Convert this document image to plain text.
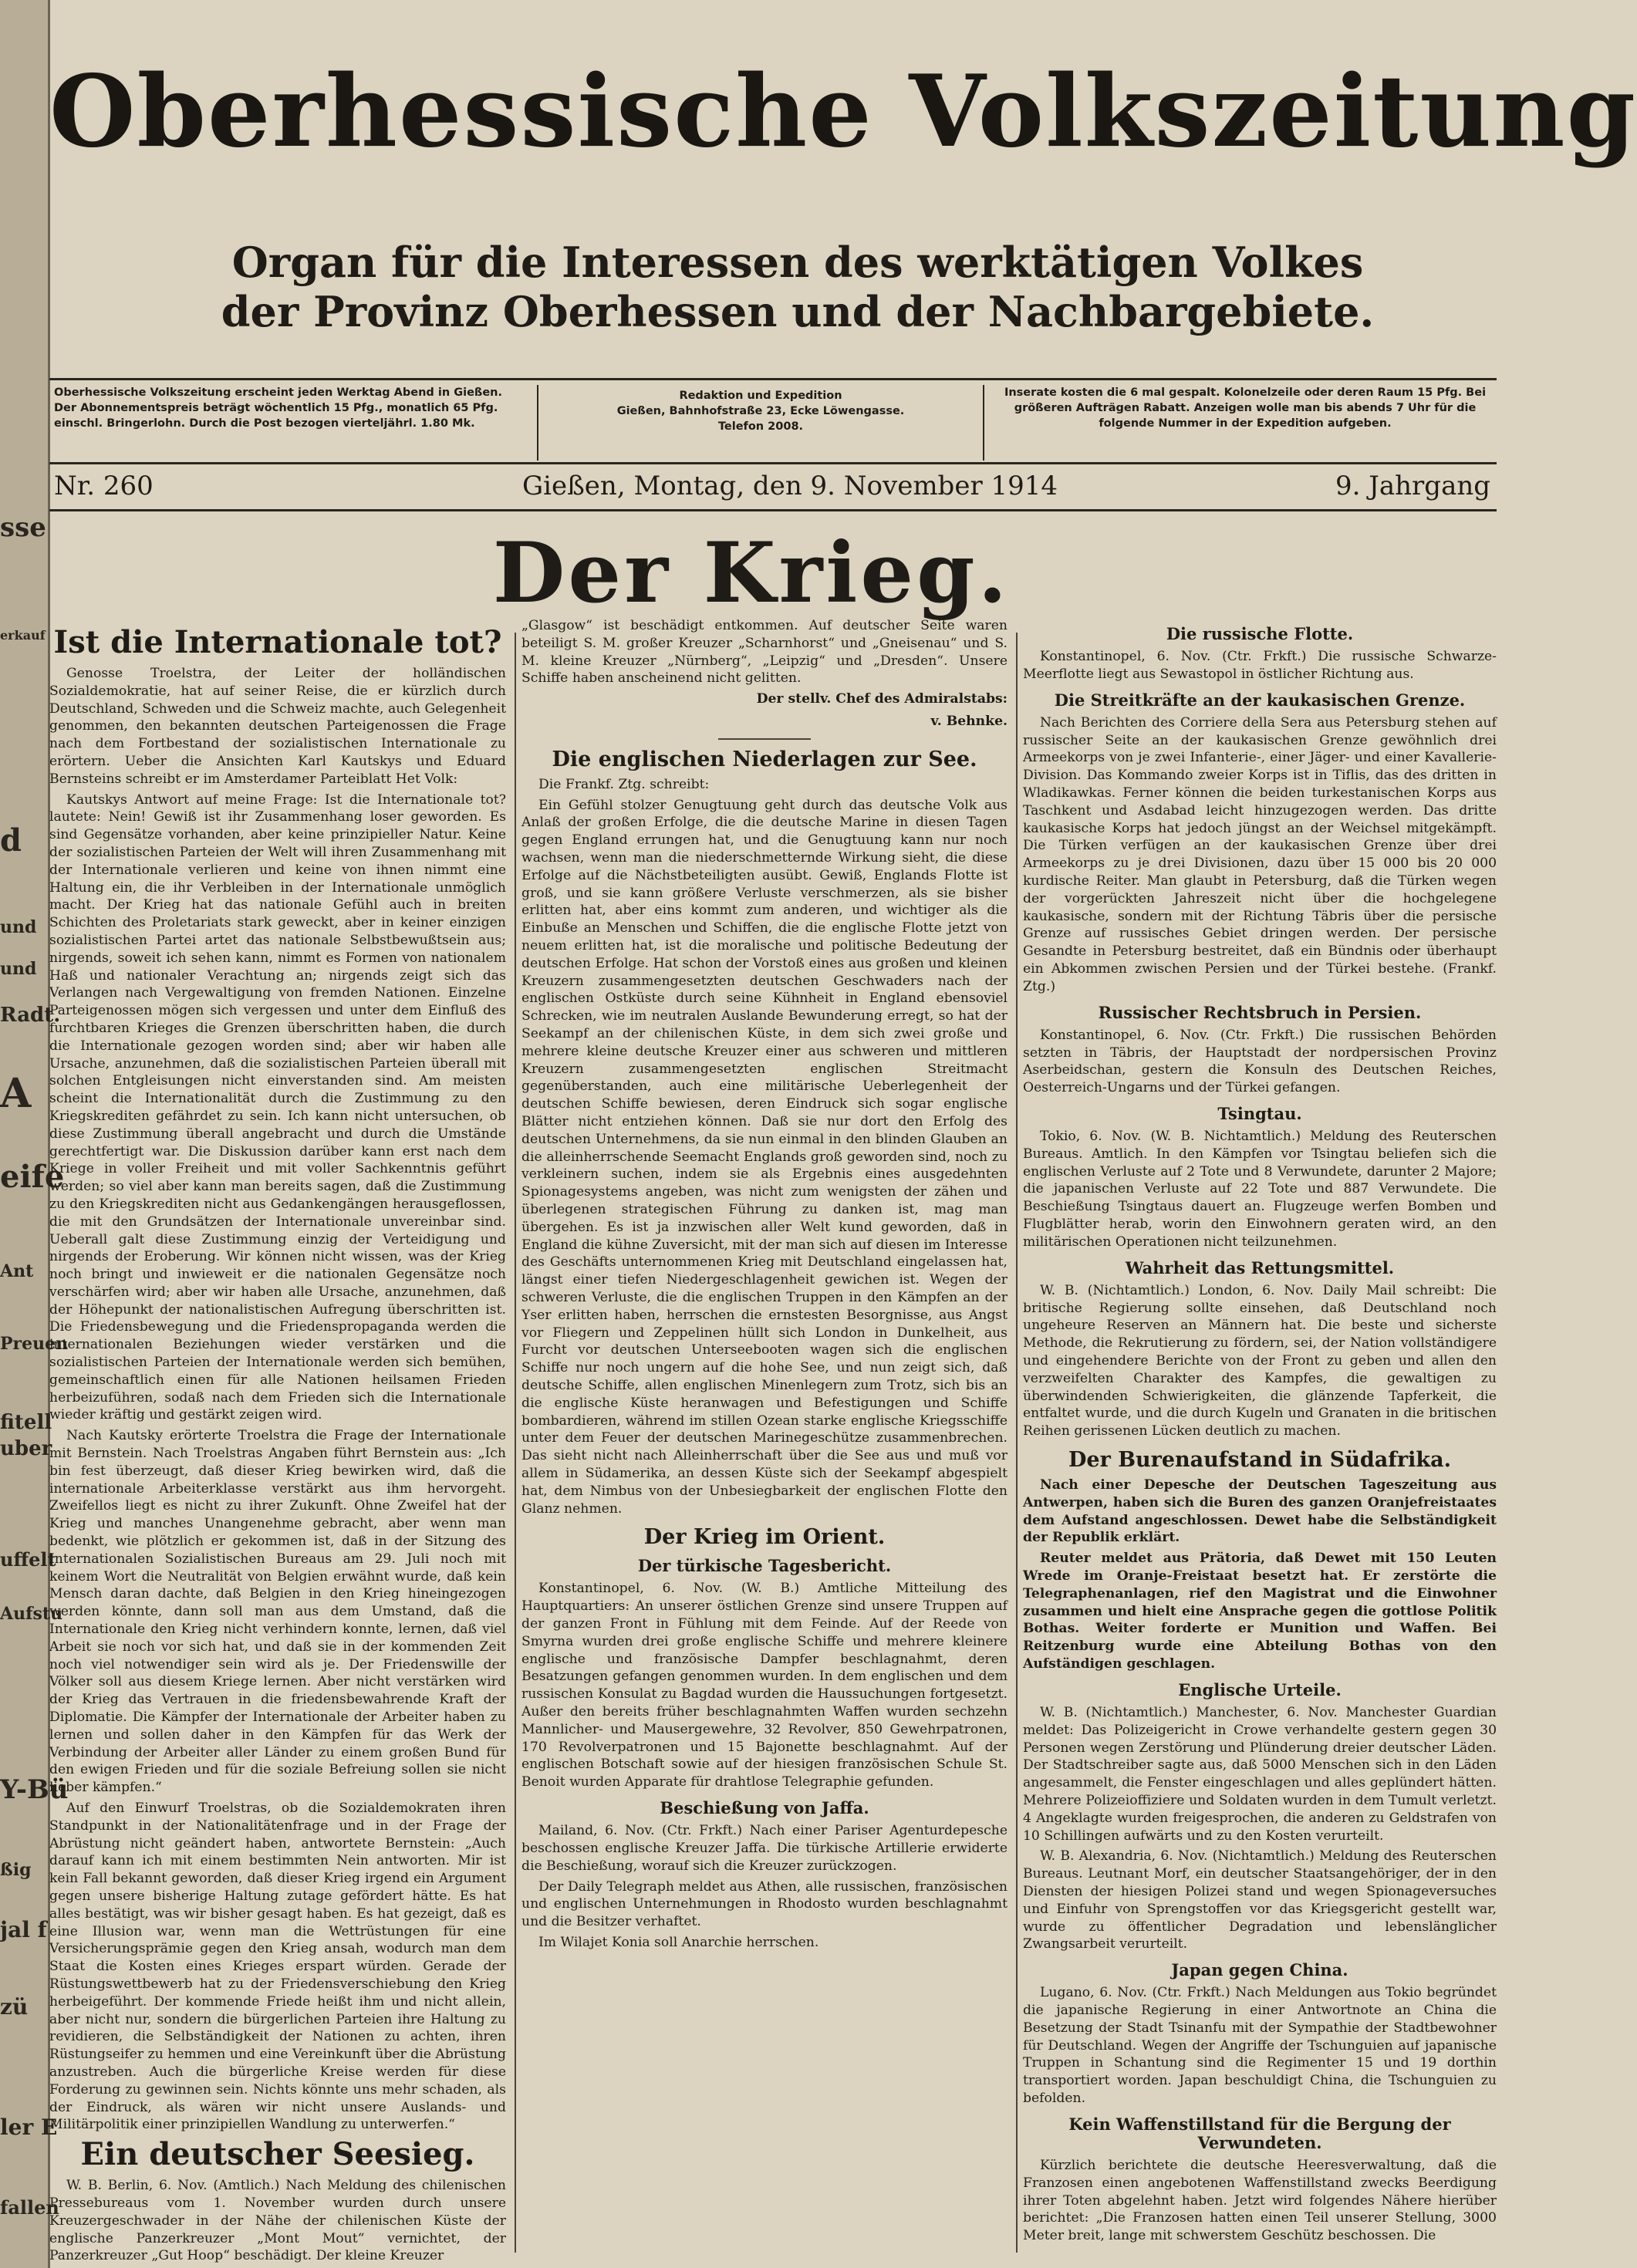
sse
erkauf
d
und
und
Radt.
A
eife
Ant
Preuen
fitell
uber
uffelt
Aufstu
Y-Bü
ßig
jal f
zü
ler E
fallen
Oberhessische Volkszeitung
Organ für die Interessen des werktätigen Volkes
der Provinz Oberhessen und der Nachbargebiete.
Oberhessische Volkszeitung erscheint jeden Werktag Abend in Gießen. Der Abonnementspreis beträgt wöchentlich 15 Pfg., monatlich 65 Pfg. einschl. Bringerlohn. Durch die Post bezogen vierteljährl. 1.80 Mk.
Redaktion und Expedition
Gießen, Bahnhofstraße 23, Ecke Löwengasse.
Telefon 2008.
Inserate kosten die 6 mal gespalt. Kolonelzeile oder deren Raum 15 Pfg. Bei größeren Aufträgen Rabatt. Anzeigen wolle man bis abends 7 Uhr für die folgende Nummer in der Expedition aufgeben.
Nr. 260	Gießen, Montag, den 9. November 1914	9. Jahrgang
Der Krieg.
Ist die Internationale tot?

Genosse Troelstra, der Leiter der holländischen Sozialdemokratie, hat auf seiner Reise, die er kürzlich durch Deutschland, Schweden und die Schweiz machte, auch Gelegenheit genommen, den bekannten deutschen Parteigenossen die Frage nach dem Fortbestand der sozialistischen Internationale zu erörtern. Ueber die Ansichten Karl Kautskys und Eduard Bernsteins schreibt er im Amsterdamer Parteiblatt Het Volk:

Kautskys Antwort auf meine Frage: Ist die Internationale tot? lautete: Nein! Gewiß ist ihr Zusammenhang loser geworden. Es sind Gegensätze vorhanden, aber keine prinzipieller Natur. Keine der sozialistischen Parteien der Welt will ihren Zusammenhang mit der Internationale verlieren und keine von ihnen nimmt eine Haltung ein, die ihr Verbleiben in der Internationale unmöglich macht. Der Krieg hat das nationale Gefühl auch in breiten Schichten des Proletariats stark geweckt, aber in keiner einzigen sozialistischen Partei artet das nationale Selbstbewußtsein aus; nirgends, soweit ich sehen kann, nimmt es Formen von nationalem Haß und nationaler Verachtung an; nirgends zeigt sich das Verlangen nach Vergewaltigung von fremden Nationen. Einzelne Parteigenossen mögen sich vergessen und unter dem Einfluß des furchtbaren Krieges die Grenzen überschritten haben, die durch die Internationale gezogen worden sind; aber wir haben alle Ursache, anzunehmen, daß die sozialistischen Parteien überall mit solchen Entgleisungen nicht einverstanden sind. Am meisten scheint die Internationalität durch die Zustimmung zu den Kriegskrediten gefährdet zu sein. Ich kann nicht untersuchen, ob diese Zustimmung überall angebracht und durch die Umstände gerechtfertigt war. Die Diskussion darüber kann erst nach dem Kriege in voller Freiheit und mit voller Sachkenntnis geführt werden; so viel aber kann man bereits sagen, daß die Zustimmung zu den Kriegskrediten nicht aus Gedankengängen herausgeflossen, die mit den Grundsätzen der Internationale unvereinbar sind. Ueberall galt diese Zustimmung einzig der Verteidigung und nirgends der Eroberung. Wir können nicht wissen, was der Krieg noch bringt und inwieweit er die nationalen Gegensätze noch verschärfen wird; aber wir haben alle Ursache, anzunehmen, daß der Höhepunkt der nationalistischen Aufregung überschritten ist. Die Friedensbewegung und die Friedenspropaganda werden die internationalen Beziehungen wieder verstärken und die sozialistischen Parteien der Internationale werden sich bemühen, gemeinschaftlich einen für alle Nationen heilsamen Frieden herbeizuführen, sodaß nach dem Frieden sich die Internationale wieder kräftig und gestärkt zeigen wird.

Nach Kautsky erörterte Troelstra die Frage der Internationale mit Bernstein. Nach Troelstras Angaben führt Bernstein aus: „Ich bin fest überzeugt, daß dieser Krieg bewirken wird, daß die internationale Arbeiterklasse verstärkt aus ihm hervorgeht. Zweifellos liegt es nicht zu ihrer Zukunft. Ohne Zweifel hat der Krieg und manches Unangenehme gebracht, aber wenn man bedenkt, wie plötzlich er gekommen ist, daß in der Sitzung des Internationalen Sozialistischen Bureaus am 29. Juli noch mit keinem Wort die Neutralität von Belgien erwähnt wurde, daß kein Mensch daran dachte, daß Belgien in den Krieg hineingezogen werden könnte, dann soll man aus dem Umstand, daß die Internationale den Krieg nicht verhindern konnte, lernen, daß viel Arbeit sie noch vor sich hat, und daß sie in der kommenden Zeit noch viel notwendiger sein wird als je. Der Friedenswille der Völker soll aus diesem Kriege lernen. Aber nicht verstärken wird der Krieg das Vertrauen in die friedensbewahrende Kraft der Diplomatie. Die Kämpfer der Internationale der Arbeiter haben zu lernen und sollen daher in den Kämpfen für das Werk der Verbindung der Arbeiter aller Länder zu einem großen Bund für den ewigen Frieden und für die soziale Befreiung sollen sie nicht lieber kämpfen.“

Auf den Einwurf Troelstras, ob die Sozialdemokraten ihren Standpunkt in der Nationalitätenfrage und in der Frage der Abrüstung nicht geändert haben, antwortete Bernstein: „Auch darauf kann ich mit einem bestimmten Nein antworten. Mir ist kein Fall bekannt geworden, daß dieser Krieg irgend ein Argument gegen unsere bisherige Haltung zutage gefördert hätte. Es hat alles bestätigt, was wir bisher gesagt haben. Es hat gezeigt, daß es eine Illusion war, wenn man die Wettrüstungen für eine Versicherungsprämie gegen den Krieg ansah, wodurch man dem Staat die Kosten eines Krieges erspart würden. Gerade der Rüstungswettbewerb hat zu der Friedensverschiebung den Krieg herbeigeführt. Der kommende Friede heißt ihm und nicht allein, aber nicht nur, sondern die bürgerlichen Parteien ihre Haltung zu revidieren, die Selbständigkeit der Nationen zu achten, ihren Rüstungseifer zu hemmen und eine Vereinkunft über die Abrüstung anzustreben. Auch die bürgerliche Kreise werden für diese Forderung zu gewinnen sein. Nichts könnte uns mehr schaden, als der Eindruck, als wären wir nicht unsere Auslands- und Militärpolitik einer prinzipiellen Wandlung zu unterwerfen.“

Ein deutscher Seesieg.

W. B. Berlin, 6. Nov. (Amtlich.) Nach Meldung des chilenischen Pressebureaus vom 1. November wurden durch unsere Kreuzergeschwader in der Nähe der chilenischen Küste der englische Panzerkreuzer „Mont Mout“ vernichtet, der Panzerkreuzer „Gut Hoop“ beschädigt. Der kleine Kreuzer

„Glasgow“ ist beschädigt entkommen. Auf deutscher Seite waren beteiligt S. M. großer Kreuzer „Scharnhorst“ und „Gneisenau“ und S. M. kleine Kreuzer „Nürnberg“, „Leipzig“ und „Dresden“. Unsere Schiffe haben anscheinend nicht gelitten.

Der stellv. Chef des Admiralstabs:
v. Behnke.
Die englischen Niederlagen zur See.

Die Frankf. Ztg. schreibt:

Ein Gefühl stolzer Genugtuung geht durch das deutsche Volk aus Anlaß der großen Erfolge, die die deutsche Marine in diesen Tagen gegen England errungen hat, und die Genugtuung kann nur noch wachsen, wenn man die niederschmetternde Wirkung sieht, die diese Erfolge auf die Nächstbeteiligten ausübt. Gewiß, Englands Flotte ist groß, und sie kann größere Verluste verschmerzen, als sie bisher erlitten hat, aber eins kommt zum anderen, und wichtiger als die Einbuße an Menschen und Schiffen, die die englische Flotte jetzt von neuem erlitten hat, ist die moralische und politische Bedeutung der deutschen Erfolge. Hat schon der Vorstoß eines aus großen und kleinen Kreuzern zusammengesetzten deutschen Geschwaders nach der englischen Ostküste durch seine Kühnheit in England ebensoviel Schrecken, wie im neutralen Auslande Bewunderung erregt, so hat der Seekampf an der chilenischen Küste, in dem sich zwei große und mehrere kleine deutsche Kreuzer einer aus schweren und mittleren Kreuzern zusammengesetzten englischen Streitmacht gegenüberstanden, auch eine militärische Ueberlegenheit der deutschen Schiffe bewiesen, deren Eindruck sich sogar englische Blätter nicht entziehen können. Daß sie nur dort den Erfolg des deutschen Unternehmens, da sie nun einmal in den blinden Glauben an die alleinherrschende Seemacht Englands groß geworden sind, noch zu verkleinern suchen, indem sie als Ergebnis eines ausgedehnten Spionagesystems angeben, was nicht zum wenigsten der zähen und überlegenen strategischen Führung zu danken ist, mag man übergehen. Es ist ja inzwischen aller Welt kund geworden, daß in England die kühne Zuversicht, mit der man sich auf diesen im Interesse des Geschäfts unternommenen Krieg mit Deutschland eingelassen hat, längst einer tiefen Niedergeschlagenheit gewichen ist. Wegen der schweren Verluste, die die englischen Truppen in den Kämpfen an der Yser erlitten haben, herrschen die ernstesten Besorgnisse, aus Angst vor Fliegern und Zeppelinen hüllt sich London in Dunkelheit, aus Furcht vor deutschen Unterseebooten wagen sich die englischen Schiffe nur noch ungern auf die hohe See, und nun zeigt sich, daß deutsche Schiffe, allen englischen Minenlegern zum Trotz, sich bis an die englische Küste heranwagen und Befestigungen und Schiffe bombardieren, während im stillen Ozean starke englische Kriegsschiffe unter dem Feuer der deutschen Marinegeschütze zusammenbrechen. Das sieht nicht nach Alleinherrschaft über die See aus und muß vor allem in Südamerika, an dessen Küste sich der Seekampf abgespielt hat, dem Nimbus von der Unbesiegbarkeit der englischen Flotte den Glanz nehmen.

Der Krieg im Orient.
Der türkische Tagesbericht.

Konstantinopel, 6. Nov. (W. B.) Amtliche Mitteilung des Hauptquartiers: An unserer östlichen Grenze sind unsere Truppen auf der ganzen Front in Fühlung mit dem Feinde. Auf der Reede von Smyrna wurden drei große englische Schiffe und mehrere kleinere englische und französische Dampfer beschlagnahmt, deren Besatzungen gefangen genommen wurden. In dem englischen und dem russischen Konsulat zu Bagdad wurden die Haussuchungen fortgesetzt. Außer den bereits früher beschlagnahmten Waffen wurden sechzehn Mannlicher- und Mausergewehre, 32 Revolver, 850 Gewehrpatronen, 170 Revolverpatronen und 15 Bajonette beschlagnahmt. Auf der englischen Botschaft sowie auf der hiesigen französischen Schule St. Benoit wurden Apparate für drahtlose Telegraphie gefunden.

Beschießung von Jaffa.

Mailand, 6. Nov. (Ctr. Frkft.) Nach einer Pariser Agenturdepesche beschossen englische Kreuzer Jaffa. Die türkische Artillerie erwiderte die Beschießung, worauf sich die Kreuzer zurückzogen.

Der Daily Telegraph meldet aus Athen, alle russischen, französischen und englischen Unternehmungen in Rhodosto wurden beschlagnahmt und die Besitzer verhaftet.

Im Wilajet Konia soll Anarchie herrschen.

Die russische Flotte.

Konstantinopel, 6. Nov. (Ctr. Frkft.) Die russische Schwarze-Meerflotte liegt aus Sewastopol in östlicher Richtung aus.

Die Streitkräfte an der kaukasischen Grenze.

Nach Berichten des Corriere della Sera aus Petersburg stehen auf russischer Seite an der kaukasischen Grenze gewöhnlich drei Armeekorps von je zwei Infanterie-, einer Jäger- und einer Kavallerie-Division. Das Kommando zweier Korps ist in Tiflis, das des dritten in Wladikawkas. Ferner können die beiden turkestanischen Korps aus Taschkent und Asdabad leicht hinzugezogen werden. Das dritte kaukasische Korps hat jedoch jüngst an der Weichsel mitgekämpft. Die Türken verfügen an der kaukasischen Grenze über drei Armeekorps zu je drei Divisionen, dazu über 15 000 bis 20 000 kurdische Reiter. Man glaubt in Petersburg, daß die Türken wegen der vorgerückten Jahreszeit nicht über die hochgelegene kaukasische, sondern mit der Richtung Täbris über die persische Grenze auf russisches Gebiet dringen werden. Der persische Gesandte in Petersburg bestreitet, daß ein Bündnis oder überhaupt ein Abkommen zwischen Persien und der Türkei bestehe. (Frankf. Ztg.)

Russischer Rechtsbruch in Persien.

Konstantinopel, 6. Nov. (Ctr. Frkft.) Die russischen Behörden setzten in Täbris, der Hauptstadt der nordpersischen Provinz Aserbeidschan, gestern die Konsuln des Deutschen Reiches, Oesterreich-Ungarns und der Türkei gefangen.

Tsingtau.

Tokio, 6. Nov. (W. B. Nichtamtlich.) Meldung des Reuterschen Bureaus. Amtlich. In den Kämpfen vor Tsingtau beliefen sich die englischen Verluste auf 2 Tote und 8 Verwundete, darunter 2 Majore; die japanischen Verluste auf 22 Tote und 887 Verwundete. Die Beschießung Tsingtaus dauert an. Flugzeuge werfen Bomben und Flugblätter herab, worin den Einwohnern geraten wird, an den militärischen Operationen nicht teilzunehmen.

Wahrheit das Rettungsmittel.

W. B. (Nichtamtlich.) London, 6. Nov. Daily Mail schreibt: Die britische Regierung sollte einsehen, daß Deutschland noch ungeheure Reserven an Männern hat. Die beste und sicherste Methode, die Rekrutierung zu fördern, sei, der Nation vollständigere und eingehendere Berichte von der Front zu geben und allen den verzweifelten Charakter des Kampfes, die gewaltigen zu überwindenden Schwierigkeiten, die glänzende Tapferkeit, die entfaltet wurde, und die durch Kugeln und Granaten in die britischen Reihen gerissenen Lücken deutlich zu machen.

Der Burenaufstand in Südafrika.

Nach einer Depesche der Deutschen Tageszeitung aus Antwerpen, haben sich die Buren des ganzen Oranjefreistaates dem Aufstand angeschlossen. Dewet habe die Selbständigkeit der Republik erklärt.

Reuter meldet aus Prätoria, daß Dewet mit 150 Leuten Wrede im Oranje-Freistaat besetzt hat. Er zerstörte die Telegraphenanlagen, rief den Magistrat und die Einwohner zusammen und hielt eine Ansprache gegen die gottlose Politik Bothas. Weiter forderte er Munition und Waffen. Bei Reitzenburg wurde eine Abteilung Bothas von den Aufständigen geschlagen.

Englische Urteile.

W. B. (Nichtamtlich.) Manchester, 6. Nov. Manchester Guardian meldet: Das Polizeigericht in Crowe verhandelte gestern gegen 30 Personen wegen Zerstörung und Plünderung dreier deutscher Läden. Der Stadtschreiber sagte aus, daß 5000 Menschen sich in den Läden angesammelt, die Fenster eingeschlagen und alles geplündert hätten. Mehrere Polizeioffiziere und Soldaten wurden in dem Tumult verletzt. 4 Angeklagte wurden freigesprochen, die anderen zu Geldstrafen von 10 Schillingen aufwärts und zu den Kosten verurteilt.

W. B. Alexandria, 6. Nov. (Nichtamtlich.) Meldung des Reuterschen Bureaus. Leutnant Morf, ein deutscher Staatsangehöriger, der in den Diensten der hiesigen Polizei stand und wegen Spionageversuches und Einfuhr von Sprengstoffen vor das Kriegsgericht gestellt war, wurde zu öffentlicher Degradation und lebenslänglicher Zwangsarbeit verurteilt.

Japan gegen China.

Lugano, 6. Nov. (Ctr. Frkft.) Nach Meldungen aus Tokio begründet die japanische Regierung in einer Antwortnote an China die Besetzung der Stadt Tsinanfu mit der Sympathie der Stadtbewohner für Deutschland. Wegen der Angriffe der Tschunguien auf japanische Truppen in Schantung sind die Regimenter 15 und 19 dorthin transportiert worden. Japan beschuldigt China, die Tschunguien zu befolden.

Kein Waffenstillstand für die Bergung der Verwundeten.

Kürzlich berichtete die deutsche Heeresverwaltung, daß die Franzosen einen angebotenen Waffenstillstand zwecks Beerdigung ihrer Toten abgelehnt haben. Jetzt wird folgendes Nähere hierüber berichtet: „Die Franzosen hatten einen Teil unserer Stellung, 3000 Meter breit, lange mit schwerstem Geschütz beschossen. Die
